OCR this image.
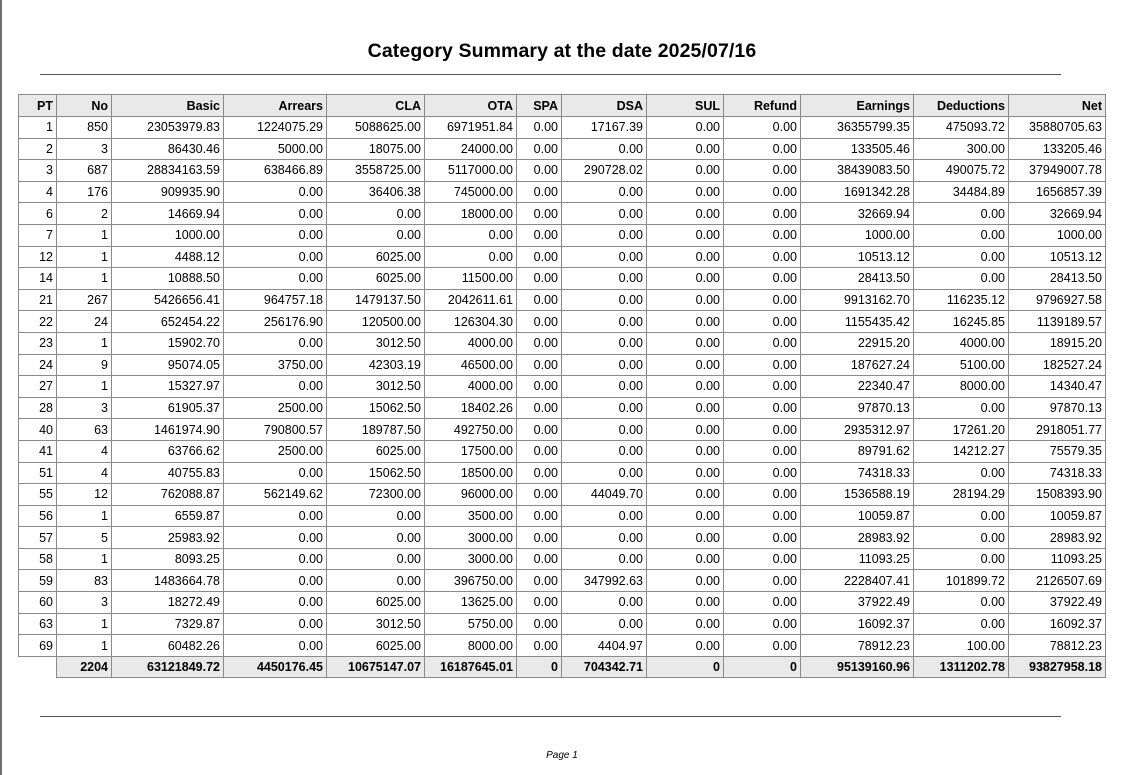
Category Summary at the date 2025/07/16
PT	No	Basic	Arrears	CLA	OTA	SPA	DSA	SUL	Refund	Earnings	Deductions	Net
1	850	23053979.83	1224075.29	5088625.00	6971951.84	0.00	17167.39	0.00	0.00	36355799.35	475093.72	35880705.63
2	3	86430.46	5000.00	18075.00	24000.00	0.00	0.00	0.00	0.00	133505.46	300.00	133205.46
3	687	28834163.59	638466.89	3558725.00	5117000.00	0.00	290728.02	0.00	0.00	38439083.50	490075.72	37949007.78
4	176	909935.90	0.00	36406.38	745000.00	0.00	0.00	0.00	0.00	1691342.28	34484.89	1656857.39
6	2	14669.94	0.00	0.00	18000.00	0.00	0.00	0.00	0.00	32669.94	0.00	32669.94
7	1	1000.00	0.00	0.00	0.00	0.00	0.00	0.00	0.00	1000.00	0.00	1000.00
12	1	4488.12	0.00	6025.00	0.00	0.00	0.00	0.00	0.00	10513.12	0.00	10513.12
14	1	10888.50	0.00	6025.00	11500.00	0.00	0.00	0.00	0.00	28413.50	0.00	28413.50
21	267	5426656.41	964757.18	1479137.50	2042611.61	0.00	0.00	0.00	0.00	9913162.70	116235.12	9796927.58
22	24	652454.22	256176.90	120500.00	126304.30	0.00	0.00	0.00	0.00	1155435.42	16245.85	1139189.57
23	1	15902.70	0.00	3012.50	4000.00	0.00	0.00	0.00	0.00	22915.20	4000.00	18915.20
24	9	95074.05	3750.00	42303.19	46500.00	0.00	0.00	0.00	0.00	187627.24	5100.00	182527.24
27	1	15327.97	0.00	3012.50	4000.00	0.00	0.00	0.00	0.00	22340.47	8000.00	14340.47
28	3	61905.37	2500.00	15062.50	18402.26	0.00	0.00	0.00	0.00	97870.13	0.00	97870.13
40	63	1461974.90	790800.57	189787.50	492750.00	0.00	0.00	0.00	0.00	2935312.97	17261.20	2918051.77
41	4	63766.62	2500.00	6025.00	17500.00	0.00	0.00	0.00	0.00	89791.62	14212.27	75579.35
51	4	40755.83	0.00	15062.50	18500.00	0.00	0.00	0.00	0.00	74318.33	0.00	74318.33
55	12	762088.87	562149.62	72300.00	96000.00	0.00	44049.70	0.00	0.00	1536588.19	28194.29	1508393.90
56	1	6559.87	0.00	0.00	3500.00	0.00	0.00	0.00	0.00	10059.87	0.00	10059.87
57	5	25983.92	0.00	0.00	3000.00	0.00	0.00	0.00	0.00	28983.92	0.00	28983.92
58	1	8093.25	0.00	0.00	3000.00	0.00	0.00	0.00	0.00	11093.25	0.00	11093.25
59	83	1483664.78	0.00	0.00	396750.00	0.00	347992.63	0.00	0.00	2228407.41	101899.72	2126507.69
60	3	18272.49	0.00	6025.00	13625.00	0.00	0.00	0.00	0.00	37922.49	0.00	37922.49
63	1	7329.87	0.00	3012.50	5750.00	0.00	0.00	0.00	0.00	16092.37	0.00	16092.37
69	1	60482.26	0.00	6025.00	8000.00	0.00	4404.97	0.00	0.00	78912.23	100.00	78812.23
	2204	63121849.72	4450176.45	10675147.07	16187645.01	0	704342.71	0	0	95139160.96	1311202.78	93827958.18
Page 1
